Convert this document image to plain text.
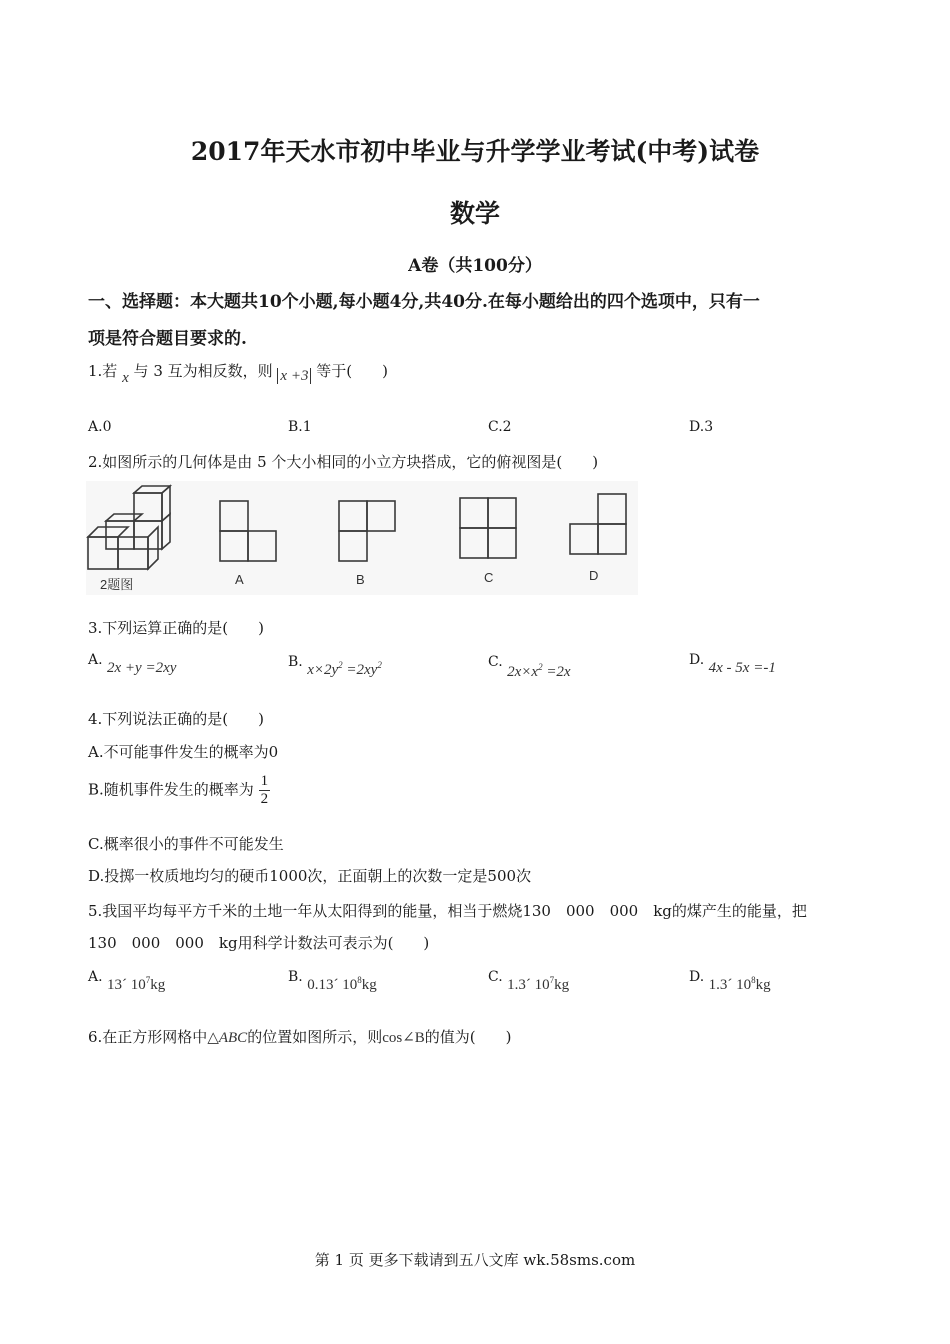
2017年天水市初中毕业与升学学业考试(中考)试卷
数学
A卷（共100分）
一、选择题：本大题共10个小题,每小题4分,共40分.在每小题给出的四个选项中，只有一
项是符合题目要求的.
1.若 x 与 3 互为相反数，则 x +3 等于(　　)
A.0	B.1	C.2	D.3
2.如图所示的几何体是由 5 个大小相同的小立方块搭成，它的俯视图是(　　)
2题图	A	B	C	D
3.下列运算正确的是(　　)
A. 2x +y =2xy	B. $x\times 2y^2 =2xy^2$	C. $2x\times x^2 =2x$
D. 4x - 5x =-1
4.下列说法正确的是(　　)
A.不可能事件发生的概率为0
B.随机事件发生的概率为 $\frac{1}{2}$
C.概率很小的事件不可能发生
D.投掷一枚质地均匀的硬币1000次，正面朝上的次数一定是500次
5.我国平均每平方千米的土地一年从太阳得到的能量，相当于燃烧130　000　000　kg的煤产生的能量，把
130　000　000　kg用科学计数法可表示为(　　)
A. 13´ $10^7kg$	B. 0.13´ $10^8kg$	C. 1.3´ $10^7kg$	D. 1.3´ $10^8kg$
6.在正方形网格中△ABC的位置如图所示，则cos∠B的值为(　　)
第 1 页 更多下载请到五八文库 wk.58sms.com
